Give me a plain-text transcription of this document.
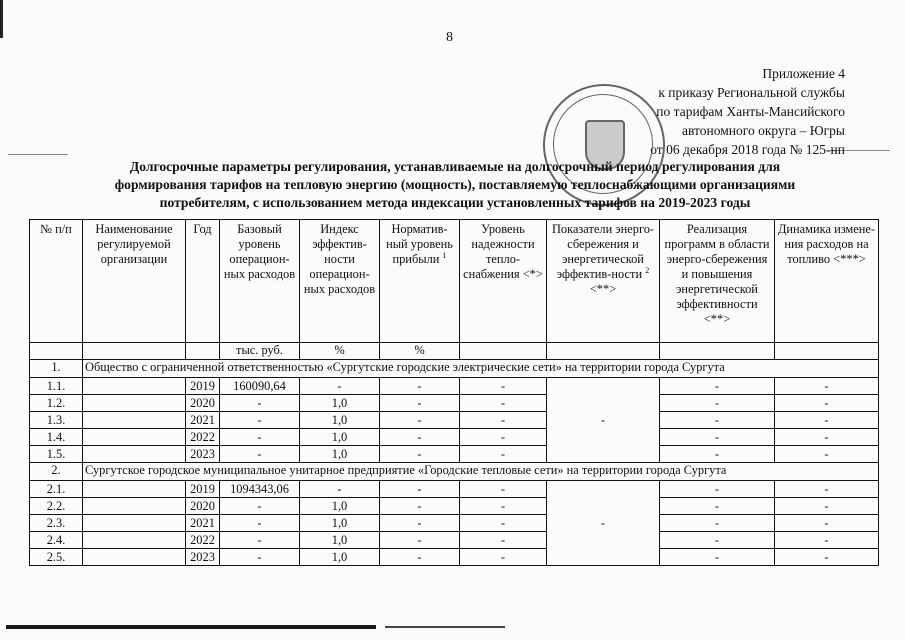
8
Приложение 4
к приказу Региональной службы
по тарифам Ханты-Мансийского
автономного округа – Югры
от 06 декабря 2018 года № 125-нп
Долгосрочные параметры регулирования, устанавливаемые на долгосрочный период регулирования для
формирования тарифов на тепловую энергию (мощность), поставляемую теплоснабжающими организациями
потребителям, с использованием метода индексации установленных тарифов на 2019-2023 годы
№ п/п	Наименование регулируемой организации	Год	Базовый уровень операцион-ных расходов	Индекс эффектив-ности операцион-ных расходов	Норматив-ный уровень прибыли $^1$	Уровень надежности тепло-снабжения <*>	Показатели энерго-сбережения и энергетической эффектив-ности $^2$ <**>	Реализация программ в области энерго-сбережения и повышения энергетической эффективности <**>	Динамика измене-ния расходов на топливо <***>
			тыс. руб.	%	%				
1.	Общество с ограниченной ответственностью «Сургутские городские электрические сети» на территории города Сургута								
1.1.		2019	160090,64	-	-	-	-	-	-
1.2.		2020	-	1,0	-	-		-	-
1.3.		2021	-	1,0	-	-		-	-
1.4.		2022	-	1,0	-	-		-	-
1.5.		2023	-	1,0	-	-		-	-
2.	Сургутское городское муниципальное унитарное предприятие «Городские тепловые сети» на территории города Сургута								
2.1.		2019	1094343,06	-	-	-	-	-	-
2.2.		2020	-	1,0	-	-		-	-
2.3.		2021	-	1,0	-	-		-	-
2.4.		2022	-	1,0	-	-		-	-
2.5.		2023	-	1,0	-	-		-	-
